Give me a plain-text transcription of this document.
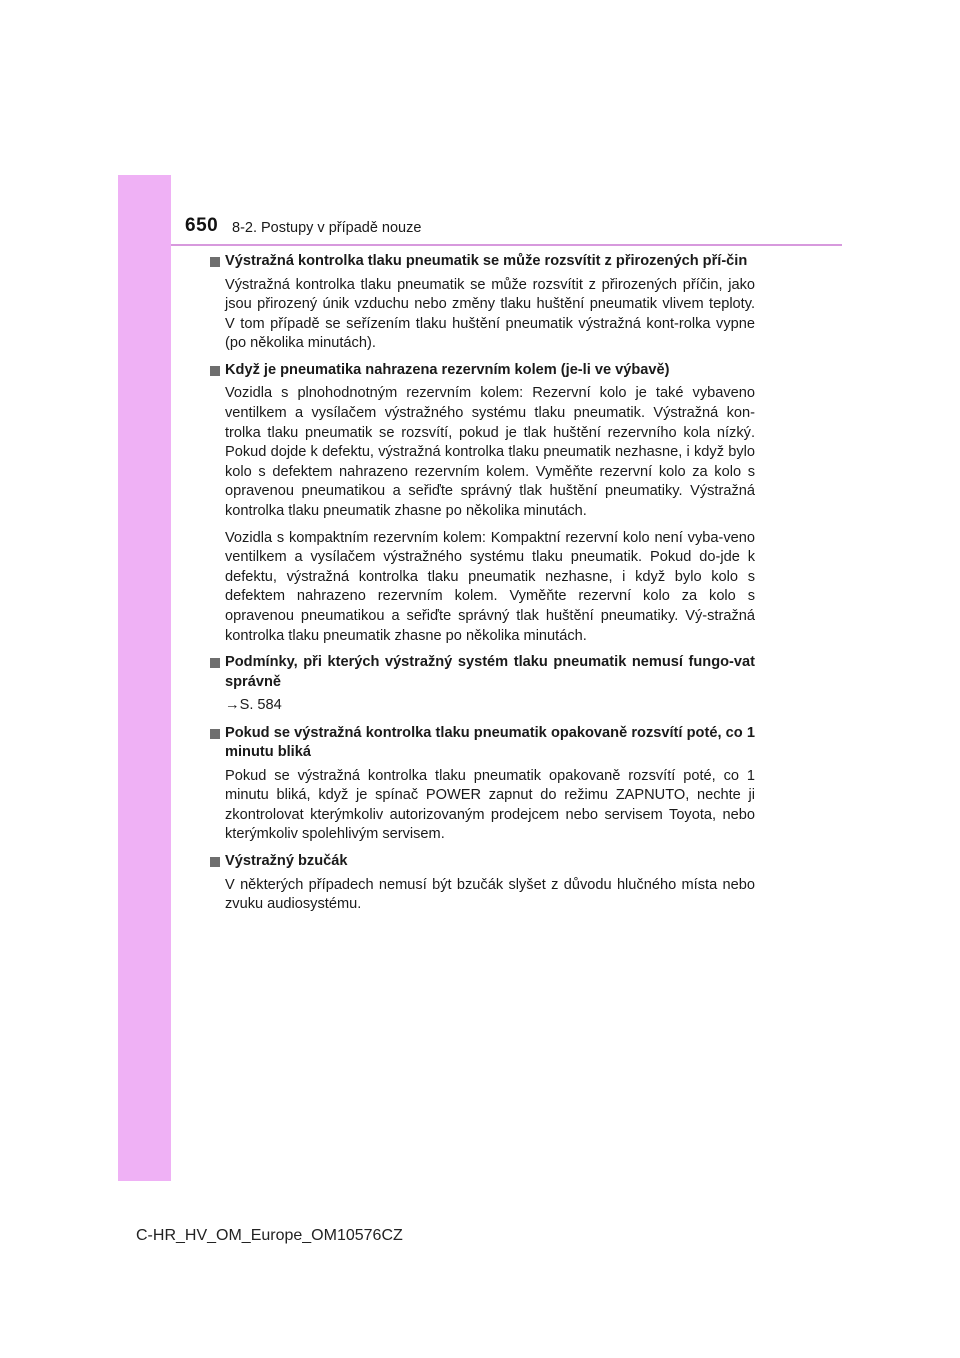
650 8-2. Postupy v případě nouze
Výstražná kontrolka tlaku pneumatik se může rozsvítit z přirozených pří-čin

Výstražná kontrolka tlaku pneumatik se může rozsvítit z přirozených příčin, jako jsou přirozený únik vzduchu nebo změny tlaku huštění pneumatik vlivem teploty. V tom případě se seřízením tlaku huštění pneumatik výstražná kont-rolka vypne (po několika minutách).

Když je pneumatika nahrazena rezervním kolem (je-li ve výbavě)

Vozidla s plnohodnotným rezervním kolem: Rezervní kolo je také vybaveno ventilkem a vysílačem výstražného systému tlaku pneumatik. Výstražná kon-trolka tlaku pneumatik se rozsvítí, pokud je tlak huštění rezervního kola nízký. Pokud dojde k defektu, výstražná kontrolka tlaku pneumatik nezhasne, i když bylo kolo s defektem nahrazeno rezervním kolem. Vyměňte rezervní kolo za kolo s opravenou pneumatikou a seřiďte správný tlak huštění pneumatiky. Výstražná kontrolka tlaku pneumatik zhasne po několika minutách.

Vozidla s kompaktním rezervním kolem: Kompaktní rezervní kolo není vyba-veno ventilkem a vysílačem výstražného systému tlaku pneumatik. Pokud do-jde k defektu, výstražná kontrolka tlaku pneumatik nezhasne, i když bylo kolo s defektem nahrazeno rezervním kolem. Vyměňte rezervní kolo za kolo s opravenou pneumatikou a seřiďte správný tlak huštění pneumatiky. Vý-stražná kontrolka tlaku pneumatik zhasne po několika minutách.

Podmínky, při kterých výstražný systém tlaku pneumatik nemusí fungo-vat správně
→S. 584
Pokud se výstražná kontrolka tlaku pneumatik opakovaně rozsvítí poté, co 1 minutu bliká

Pokud se výstražná kontrolka tlaku pneumatik opakovaně rozsvítí poté, co 1 minutu bliká, když je spínač POWER zapnut do režimu ZAPNUTO, nechte ji zkontrolovat kterýmkoliv autorizovaným prodejcem nebo servisem Toyota, nebo kterýmkoliv spolehlivým servisem.

Výstražný bzučák

V některých případech nemusí být bzučák slyšet z důvodu hlučného místa nebo zvuku audiosystému.

C-HR_HV_OM_Europe_OM10576CZ
